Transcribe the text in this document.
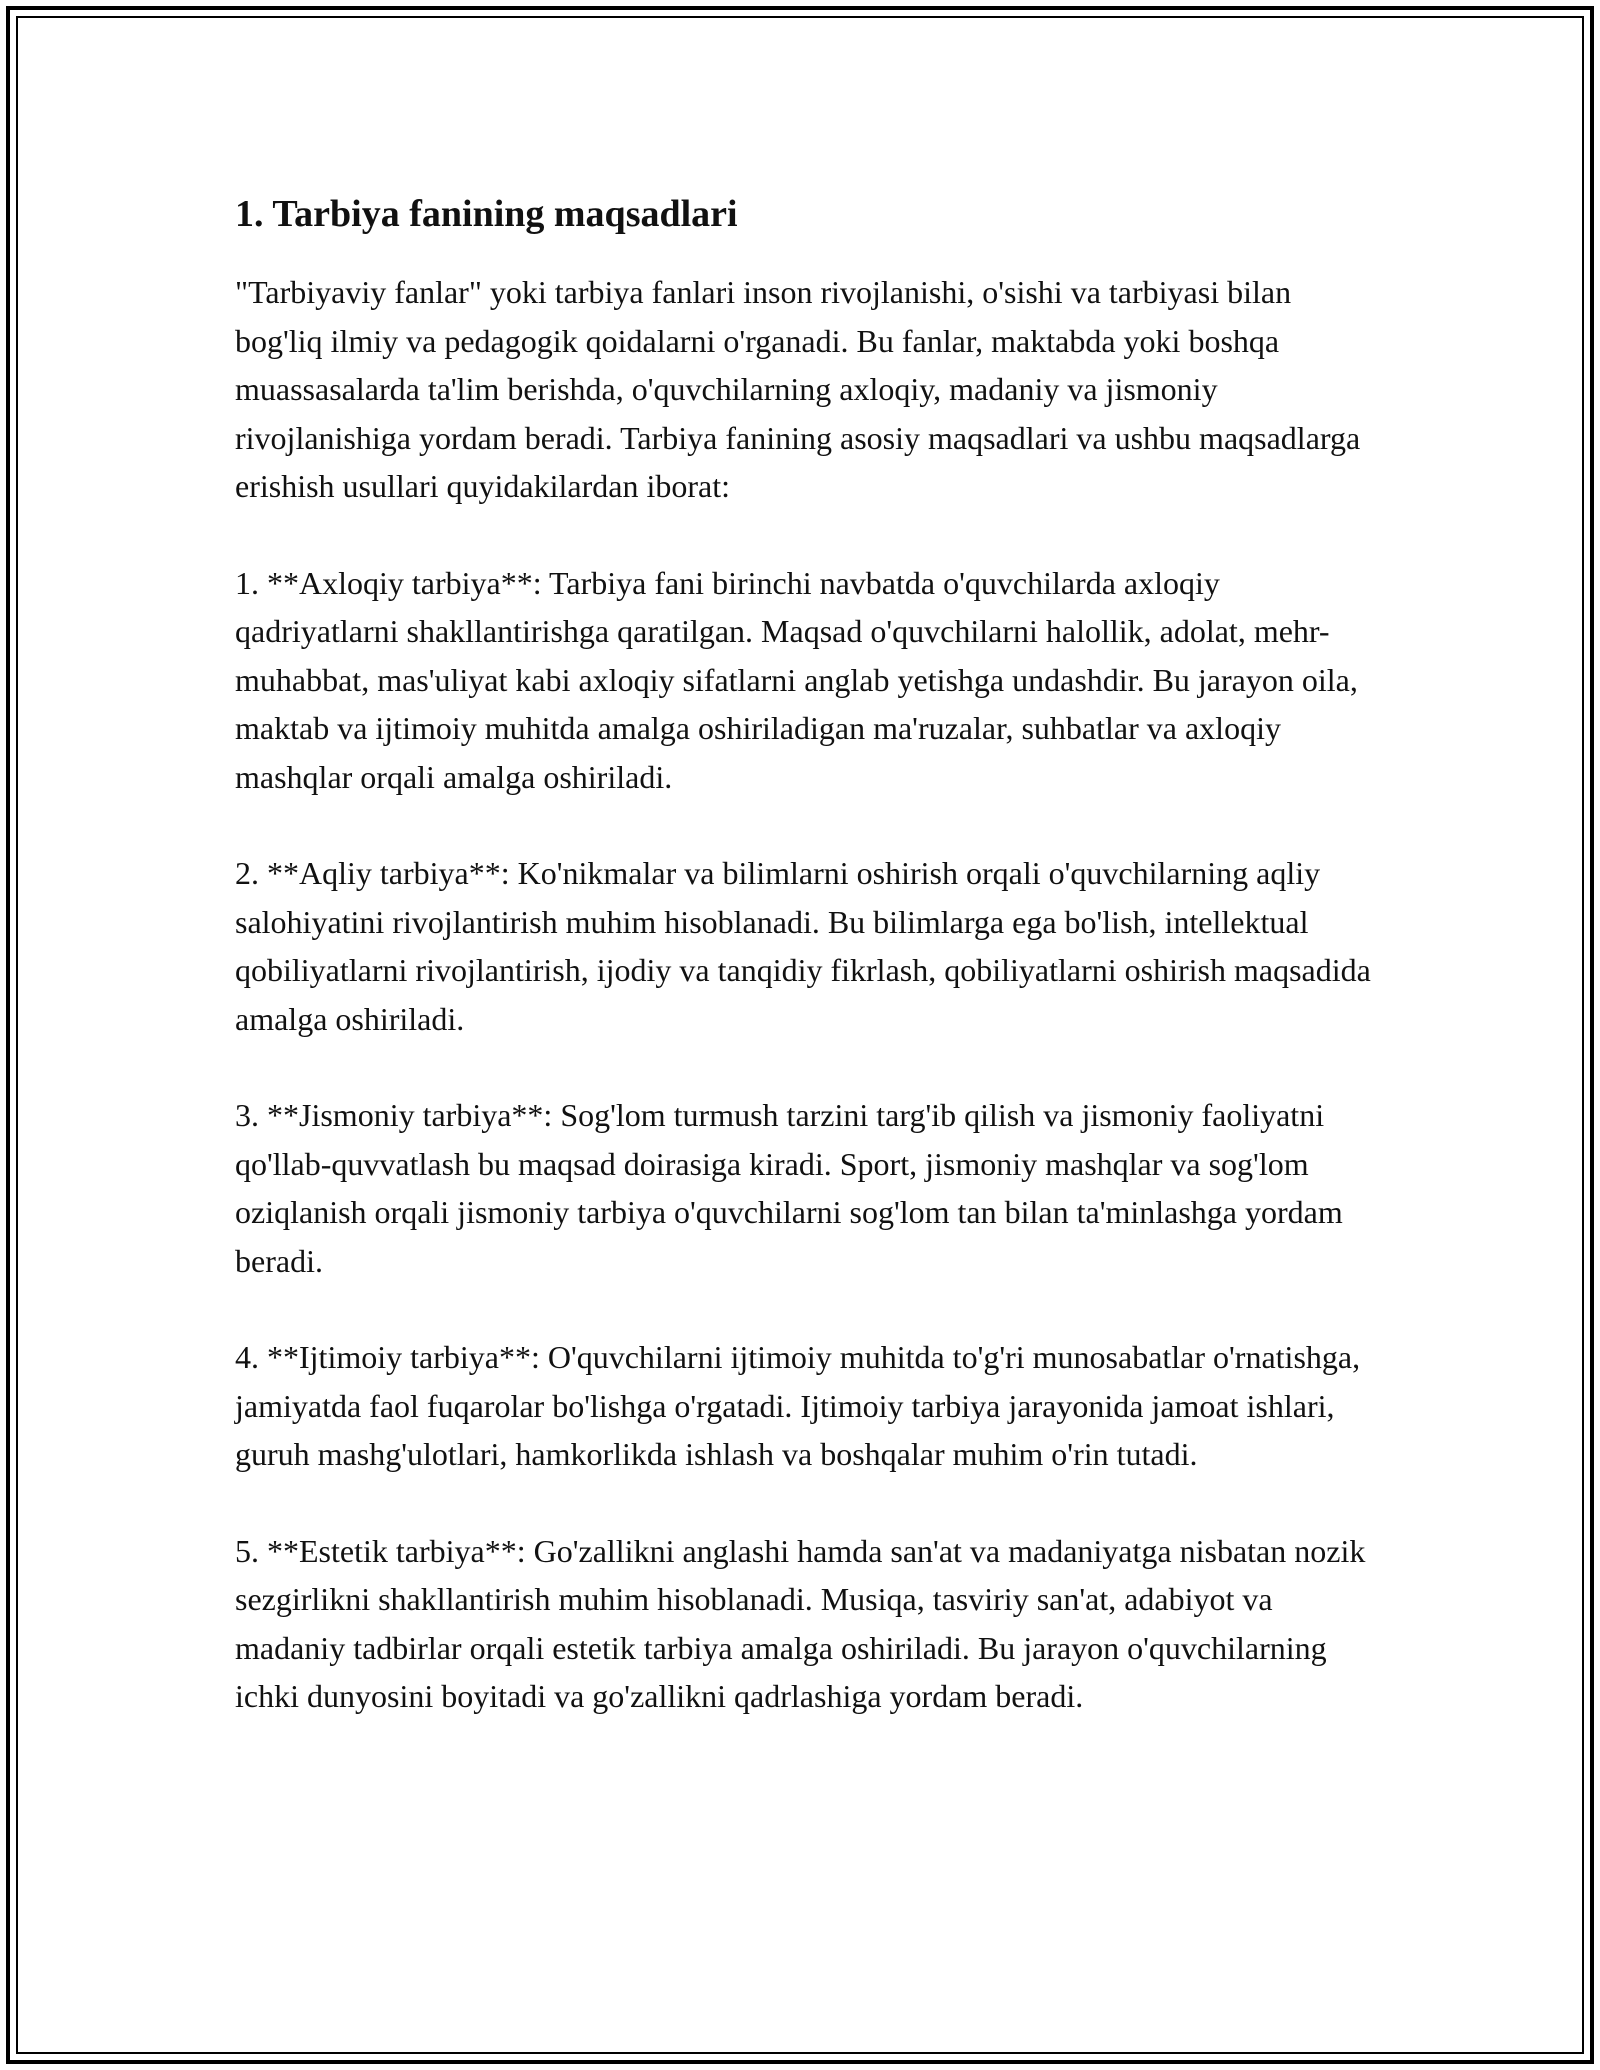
1. Tarbiya fanining maqsadlari

"Tarbiyaviy fanlar" yoki tarbiya fanlari inson rivojlanishi, o'sishi va tarbiyasi bilan bog'liq ilmiy va pedagogik qoidalarni o'rganadi. Bu fanlar, maktabda yoki boshqa muassasalarda ta'lim berishda, o'quvchilarning axloqiy, madaniy va jismoniy rivojlanishiga yordam beradi. Tarbiya fanining asosiy maqsadlari va ushbu maqsadlarga erishish usullari quyidakilardan iborat:

1. **Axloqiy tarbiya**: Tarbiya fani birinchi navbatda o'quvchilarda axloqiy qadriyatlarni shakllantirishga qaratilgan. Maqsad o'quvchilarni halollik, adolat, mehr-muhabbat, mas'uliyat kabi axloqiy sifatlarni anglab yetishga undashdir. Bu jarayon oila, maktab va ijtimoiy muhitda amalga oshiriladigan ma'ruzalar, suhbatlar va axloqiy mashqlar orqali amalga oshiriladi.

2. **Aqliy tarbiya**: Ko'nikmalar va bilimlarni oshirish orqali o'quvchilarning aqliy salohiyatini rivojlantirish muhim hisoblanadi. Bu bilimlarga ega bo'lish, intellektual qobiliyatlarni rivojlantirish, ijodiy va tanqidiy fikrlash, qobiliyatlarni oshirish maqsadida amalga oshiriladi.

3. **Jismoniy tarbiya**: Sog'lom turmush tarzini targ'ib qilish va jismoniy faoliyatni qo'llab-quvvatlash bu maqsad doirasiga kiradi. Sport, jismoniy mashqlar va sog'lom oziqlanish orqali jismoniy tarbiya o'quvchilarni sog'lom tan bilan ta'minlashga yordam beradi.

4. **Ijtimoiy tarbiya**: O'quvchilarni ijtimoiy muhitda to'g'ri munosabatlar o'rnatishga, jamiyatda faol fuqarolar bo'lishga o'rgatadi. Ijtimoiy tarbiya jarayonida jamoat ishlari, guruh mashg'ulotlari, hamkorlikda ishlash va boshqalar muhim o'rin tutadi.

5. **Estetik tarbiya**: Go'zallikni anglashi hamda san'at va madaniyatga nisbatan nozik sezgirlikni shakllantirish muhim hisoblanadi. Musiqa, tasviriy san'at, adabiyot va madaniy tadbirlar orqali estetik tarbiya amalga oshiriladi. Bu jarayon o'quvchilarning ichki dunyosini boyitadi va go'zallikni qadrlashiga yordam beradi.
